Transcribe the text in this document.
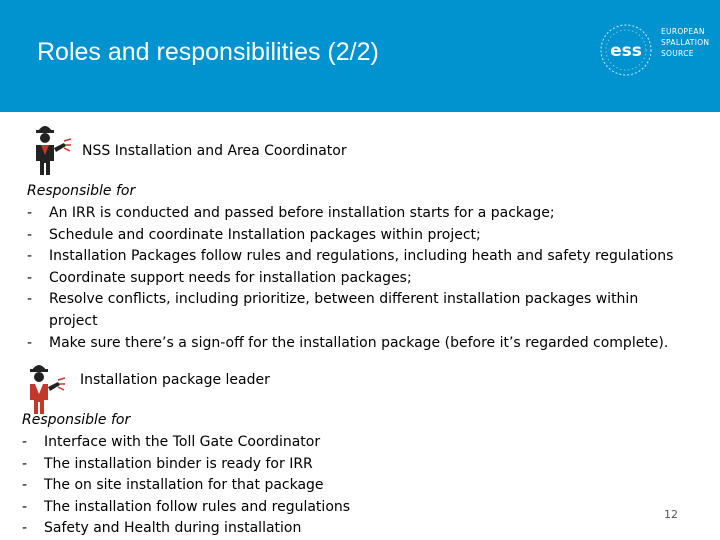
Roles and responsibilities (2/2)	ess
EUROPEAN
SPALLATION
SOURCE
NSS Installation and Area Coordinator
Responsible for
- An IRR is conducted and passed before installation starts for a package;
- Schedule and coordinate Installation packages within project;
- Installation Packages follow rules and regulations, including heath and safety regulations
- Coordinate support needs for installation packages;
- Resolve conflicts, including prioritize, between different installation packages within project
- Make sure there’s a sign-off for the installation package (before it’s regarded complete).
Installation package leader
Responsible for
- Interface with the Toll Gate Coordinator
- The installation binder is ready for IRR
- The on site installation for that package
- The installation follow rules and regulations
- Safety and Health during installation
12
